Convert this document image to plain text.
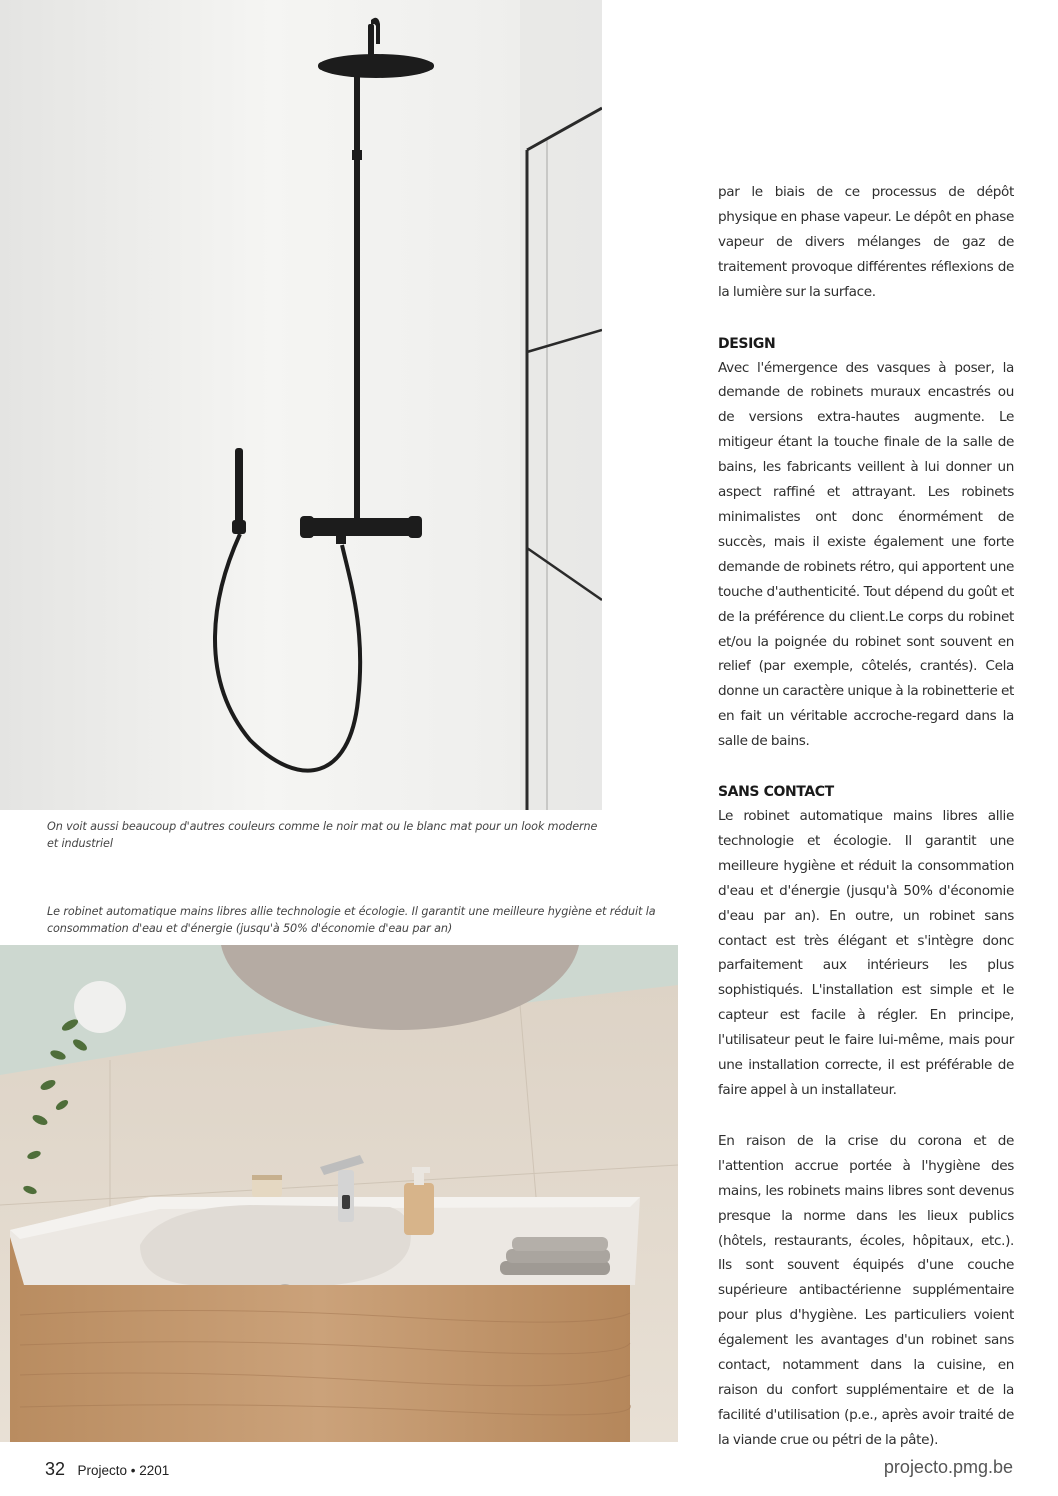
On voit aussi beaucoup d'autres couleurs comme le noir mat ou le blanc mat pour un look moderne et industriel

Le robinet automatique mains libres allie technologie et écologie. Il garantit une meilleure hygiène et réduit la consommation d'eau et d'énergie (jusqu'à 50% d'économie d'eau par an)

par le biais de ce processus de dépôt physique en phase vapeur. Le dépôt en phase vapeur de divers mélanges de gaz de traitement provoque différentes réflexions de la lumière sur la surface.

DESIGN

Avec l'émergence des vasques à poser, la demande de robinets muraux encastrés ou de versions extra-hautes augmente. Le mitigeur étant la touche finale de la salle de bains, les fabricants veillent à lui donner un aspect raffiné et attrayant. Les robinets minimalistes ont donc énormément de succès, mais il existe également une forte demande de robinets rétro, qui apportent une touche d'authenticité. Tout dépend du goût et de la préférence du client.Le corps du robinet et/ou la poignée du robinet sont souvent en relief (par exemple, côtelés, crantés). Cela donne un caractère unique à la robinetterie et en fait un véritable accroche-regard dans la salle de bains.

SANS CONTACT

Le robinet automatique mains libres allie technologie et écologie. Il garantit une meilleure hygiène et réduit la consommation d'eau et d'énergie (jusqu'à 50% d'économie d'eau par an). En outre, un robinet sans contact est très élégant et s'intègre donc parfaitement aux intérieurs les plus sophistiqués. L'installation est simple et le capteur est facile à régler. En principe, l'utilisateur peut le faire lui-même, mais pour une installation correcte, il est préférable de faire appel à un installateur.

En raison de la crise du corona et de l'attention accrue portée à l'hygiène des mains, les robinets mains libres sont devenus presque la norme dans les lieux publics (hôtels, restaurants, écoles, hôpitaux, etc.). Ils sont souvent équipés d'une couche supérieure antibactérienne supplémentaire pour plus d'hygiène. Les particuliers voient également les avantages d'un robinet sans contact, notamment dans la cuisine, en raison du confort supplémentaire et de la facilité d'utilisation (p.e., après avoir traité de la viande crue ou pétri de la pâte).

32 Projecto • 2201	projecto.pmg.be
